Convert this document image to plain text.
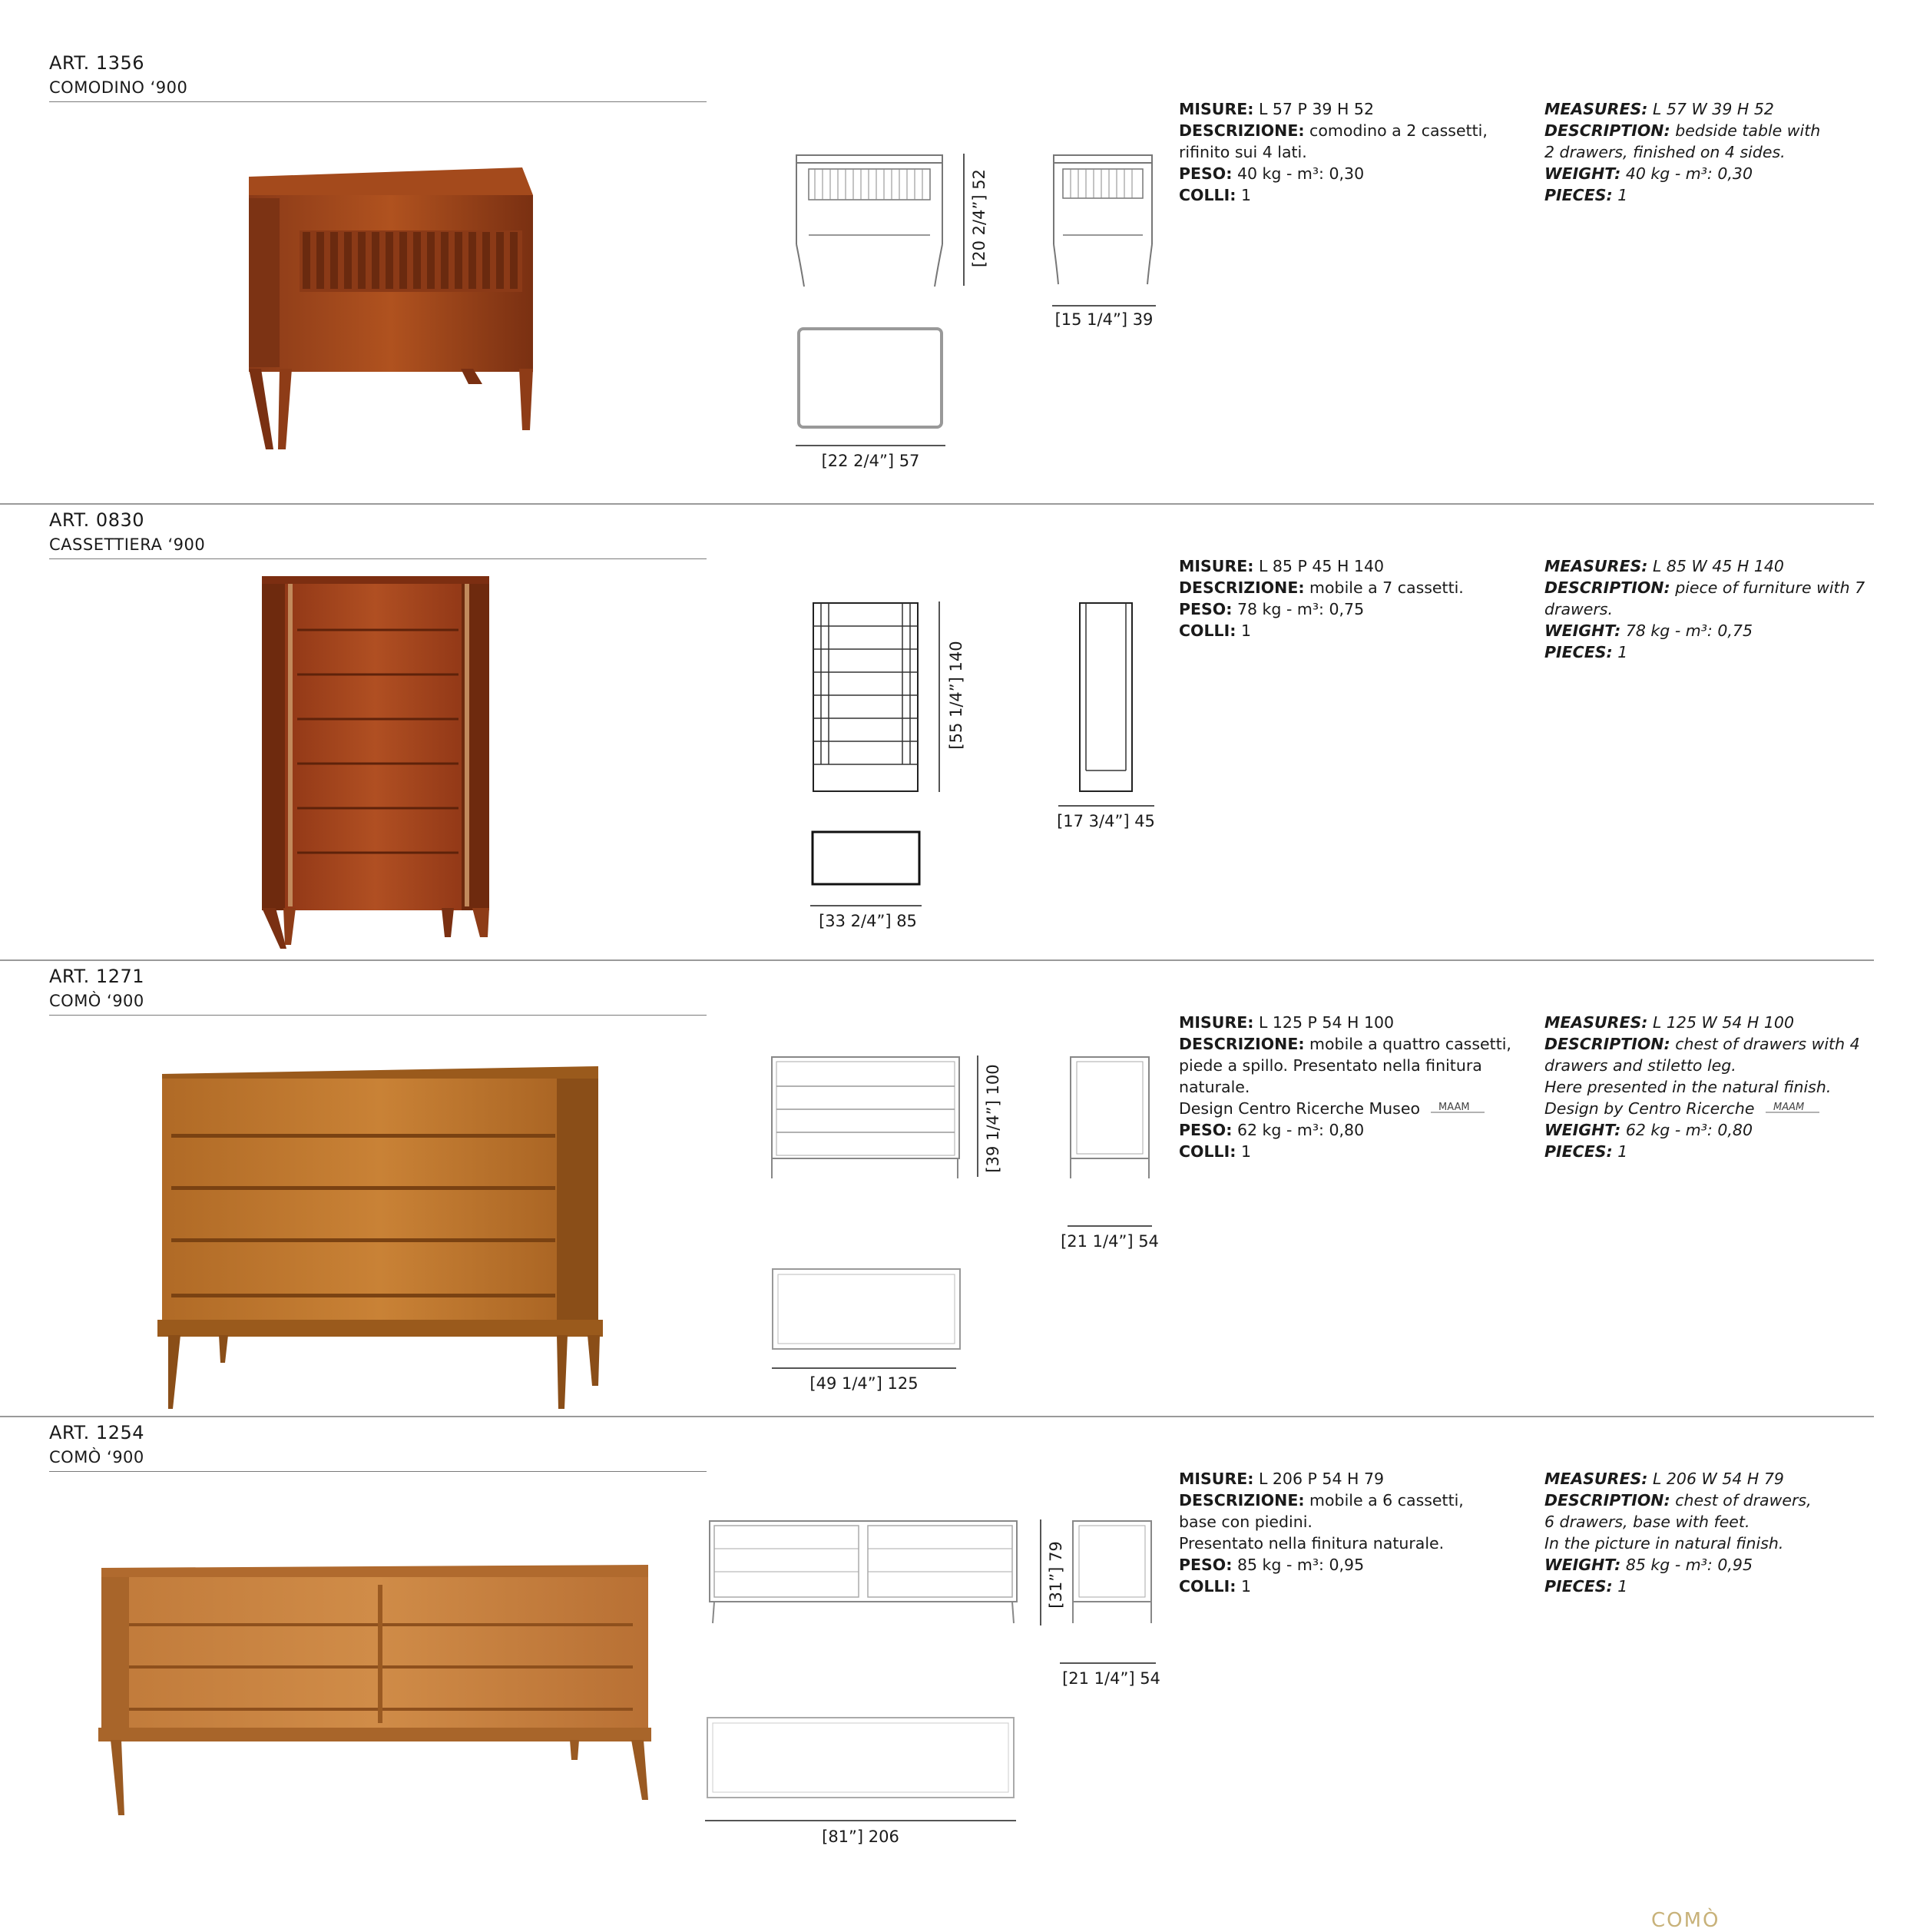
ART. 1356
COMODINO ‘900
[20 2/4”] 52
[15 1/4”] 39
[22 2/4”] 57
MISURE: L 57 P 39 H 52
DESCRIZIONE: comodino a 2 cassetti,
rifinito sui 4 lati.
PESO: 40 kg - m³: 0,30
COLLI: 1
MEASURES: L 57 W 39 H 52
DESCRIPTION: bedside table with
2 drawers, finished on 4 sides.
WEIGHT: 40 kg - m³: 0,30
PIECES: 1
ART. 0830
CASSETTIERA ‘900
[55 1/4”] 140
[17 3/4”] 45
[33 2/4”] 85
MISURE: L 85 P 45 H 140
DESCRIZIONE: mobile a 7 cassetti.
PESO: 78 kg - m³: 0,75
COLLI: 1
MEASURES: L 85 W 45 H 140
DESCRIPTION: piece of furniture with 7
drawers.
WEIGHT: 78 kg - m³: 0,75
PIECES: 1
ART. 1271
COMÒ ‘900
[39 1/4”] 100
[21 1/4”] 54
[49 1/4”] 125
MISURE: L 125 P 54 H 100
DESCRIZIONE: mobile a quattro cassetti,
piede a spillo. Presentato nella finitura
naturale.
Design Centro Ricerche Museo MAAM
PESO: 62 kg - m³: 0,80
COLLI: 1
MEASURES: L 125 W 54 H 100
DESCRIPTION: chest of drawers with 4
drawers and stiletto leg.
Here presented in the natural finish.
Design by Centro Ricerche MAAM
WEIGHT: 62 kg - m³: 0,80
PIECES: 1
ART. 1254
COMÒ ‘900
[31”] 79
[21 1/4”] 54
[81”] 206
MISURE: L 206 P 54 H 79
DESCRIZIONE: mobile a 6 cassetti,
base con piedini.
Presentato nella finitura naturale.
PESO: 85 kg - m³: 0,95
COLLI: 1
MEASURES: L 206 W 54 H 79
DESCRIPTION: chest of drawers,
6 drawers, base with feet.
In the picture in natural finish.
WEIGHT: 85 kg - m³: 0,95
PIECES: 1
COMÒ
